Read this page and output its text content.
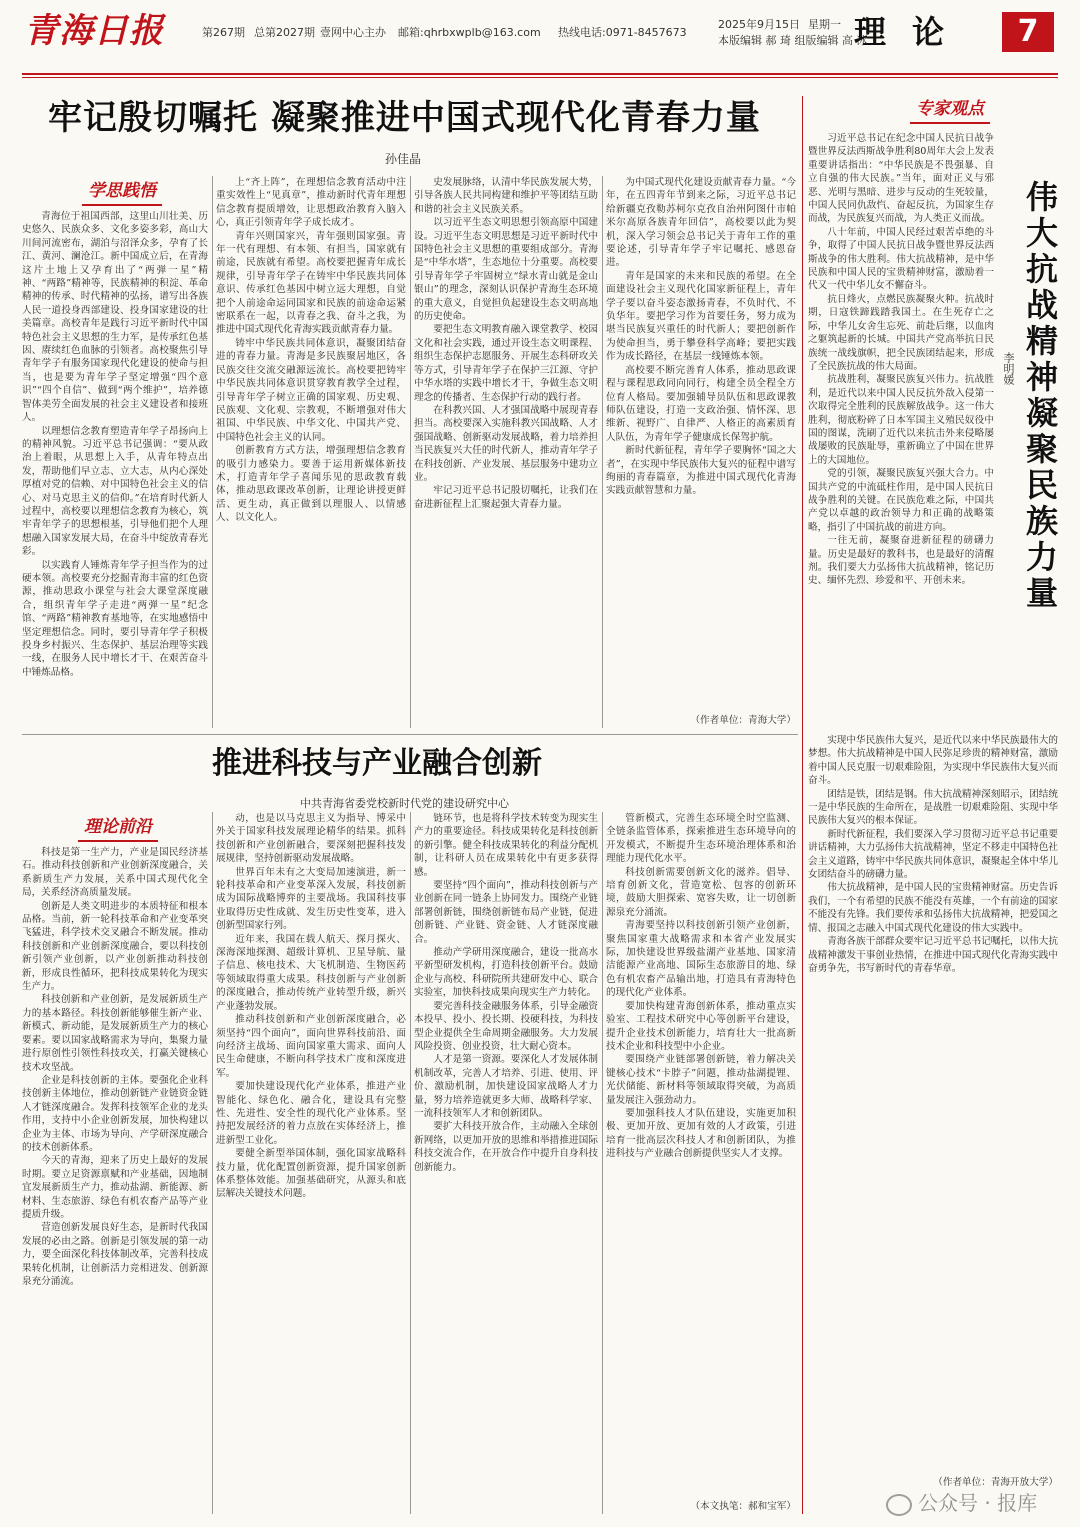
青海日报	第267期 总第2027期 壹网中心主办 邮箱:qhrbxwplb@163.com 热线电话:0971-8457673
2025年9月15日 星期一
本版编辑 郝 琦 组版编辑 高 冰
理论	7
牢记殷切嘱托 凝聚推进中国式现代化青春力量
孙佳晶
学思践悟

青海位于祖国西部，这里山川壮美、历史悠久、民族众多、文化多姿多彩，高山大川间河流密布，湖泊与沼泽众多，孕育了长江、黄河、澜沧江。新中国成立后，在青海这片土地上又孕育出了“两弹一星”精神、“两路”精神等，民族精神的积淀、革命精神的传承、时代精神的弘扬，谱写出各族人民一道投身西部建设、投身国家建设的壮美篇章。高校青年是践行习近平新时代中国特色社会主义思想的生力军，是传承红色基因、赓续红色血脉的引领者。高校聚焦引导青年学子有服务国家现代化建设的使命与担当，也是要为青年学子坚定增强“四个意识”“四个自信”、做到“两个维护”，培养德智体美劳全面发展的社会主义建设者和接班人。

以理想信念教育塑造青年学子昂扬向上的精神风貌。习近平总书记强调：“要从政治上着眼，从思想上入手，从青年特点出发，帮助他们早立志、立大志，从内心深处厚植对党的信赖、对中国特色社会主义的信心、对马克思主义的信仰。”在培育时代新人过程中，高校要以理想信念教育为核心，筑牢青年学子的思想根基，引导他们把个人理想融入国家发展大局，在奋斗中绽放青春光彩。

以实践育人锤炼青年学子担当作为的过硬本领。高校要充分挖掘青海丰富的红色资源，推动思政小课堂与社会大课堂深度融合，组织青年学子走进“两弹一星”纪念馆、“两路”精神教育基地等，在实地感悟中坚定理想信念。同时，要引导青年学子积极投身乡村振兴、生态保护、基层治理等实践一线，在服务人民中增长才干、在艰苦奋斗中锤炼品格。

上“齐上阵”，在理想信念教育活动中注重实效性上“见真章”，推动新时代青年理想信念教育提质增效，让思想政治教育入脑入心，真正引领青年学子成长成才。

青年兴则国家兴，青年强则国家强。青年一代有理想、有本领、有担当，国家就有前途，民族就有希望。高校要把握青年成长规律，引导青年学子在铸牢中华民族共同体意识、传承红色基因中树立远大理想，自觉把个人前途命运同国家和民族的前途命运紧密联系在一起，以青春之我、奋斗之我，为推进中国式现代化青海实践贡献青春力量。

铸牢中华民族共同体意识，凝聚团结奋进的青春力量。青海是多民族聚居地区，各民族交往交流交融源远流长。高校要把铸牢中华民族共同体意识贯穿教育教学全过程，引导青年学子树立正确的国家观、历史观、民族观、文化观、宗教观，不断增强对伟大祖国、中华民族、中华文化、中国共产党、中国特色社会主义的认同。

创新教育方式方法，增强理想信念教育的吸引力感染力。要善于运用新媒体新技术，打造青年学子喜闻乐见的思政教育载体，推动思政课改革创新，让理论讲授更鲜活、更生动，真正做到以理服人、以情感人、以文化人。

史发展脉络，认清中华民族发展大势，引导各族人民共同构建和维护平等团结互助和谐的社会主义民族关系。

以习近平生态文明思想引领高原中国建设。习近平生态文明思想是习近平新时代中国特色社会主义思想的重要组成部分。青海是“中华水塔”，生态地位十分重要。高校要引导青年学子牢固树立“绿水青山就是金山银山”的理念，深刻认识保护青海生态环境的重大意义，自觉担负起建设生态文明高地的历史使命。

要把生态文明教育融入课堂教学、校园文化和社会实践，通过开设生态文明课程、组织生态保护志愿服务、开展生态科研攻关等方式，引导青年学子在保护三江源、守护中华水塔的实践中增长才干，争做生态文明理念的传播者、生态保护行动的践行者。

在科教兴国、人才强国战略中展现青春担当。高校要深入实施科教兴国战略、人才强国战略、创新驱动发展战略，着力培养担当民族复兴大任的时代新人，推动青年学子在科技创新、产业发展、基层服务中建功立业。

牢记习近平总书记殷切嘱托，让我们在奋进新征程上汇聚起强大青春力量。

为中国式现代化建设贡献青春力量。“今年，在五四青年节到来之际，习近平总书记给新疆克孜勒苏柯尔克孜自治州阿图什市帕米尔高原各族青年回信”，高校要以此为契机，深入学习领会总书记关于青年工作的重要论述，引导青年学子牢记嘱托、感恩奋进。

青年是国家的未来和民族的希望。在全面建设社会主义现代化国家新征程上，青年学子要以奋斗姿态激扬青春，不负时代、不负华年。要把学习作为首要任务，努力成为堪当民族复兴重任的时代新人；要把创新作为使命担当，勇于攀登科学高峰；要把实践作为成长路径，在基层一线锤炼本领。

高校要不断完善育人体系，推动思政课程与课程思政同向同行，构建全员全程全方位育人格局。要加强辅导员队伍和思政课教师队伍建设，打造一支政治强、情怀深、思维新、视野广、自律严、人格正的高素质育人队伍，为青年学子健康成长保驾护航。

新时代新征程，青年学子要胸怀“国之大者”，在实现中华民族伟大复兴的征程中谱写绚丽的青春篇章，为推进中国式现代化青海实践贡献智慧和力量。

（作者单位：青海大学）
推进科技与产业融合创新
中共青海省委党校新时代党的建设研究中心
理论前沿

科技是第一生产力，产业是国民经济基石。推动科技创新和产业创新深度融合，关系新质生产力发展，关系中国式现代化全局，关系经济高质量发展。

创新是人类文明进步的本质特征和根本品格。当前，新一轮科技革命和产业变革突飞猛进，科学技术交叉融合不断发展。推动科技创新和产业创新深度融合，要以科技创新引领产业创新，以产业创新推动科技创新，形成良性循环，把科技成果转化为现实生产力。

科技创新和产业创新，是发展新质生产力的基本路径。科技创新能够催生新产业、新模式、新动能，是发展新质生产力的核心要素。要以国家战略需求为导向，集聚力量进行原创性引领性科技攻关，打赢关键核心技术攻坚战。

企业是科技创新的主体。要强化企业科技创新主体地位，推动创新链产业链资金链人才链深度融合。发挥科技领军企业的龙头作用，支持中小企业创新发展，加快构建以企业为主体、市场为导向、产学研深度融合的技术创新体系。

今天的青海，迎来了历史上最好的发展时期。要立足资源禀赋和产业基础，因地制宜发展新质生产力，推动盐湖、新能源、新材料、生态旅游、绿色有机农畜产品等产业提质升级。

营造创新发展良好生态，是新时代我国发展的必由之路。创新是引领发展的第一动力，要全面深化科技体制改革，完善科技成果转化机制，让创新活力竞相迸发、创新源泉充分涌流。

动，也是以马克思主义为指导、博采中外关于国家科技发展理论精华的结果。抓科技创新和产业创新融合，要深刻把握科技发展规律，坚持创新驱动发展战略。

世界百年未有之大变局加速演进，新一轮科技革命和产业变革深入发展，科技创新成为国际战略博弈的主要战场。我国科技事业取得历史性成就、发生历史性变革，进入创新型国家行列。

近年来，我国在载人航天、探月探火、深海深地探测、超级计算机、卫星导航、量子信息、核电技术、大飞机制造、生物医药等领域取得重大成果。科技创新与产业创新的深度融合，推动传统产业转型升级，新兴产业蓬勃发展。

推动科技创新和产业创新深度融合，必须坚持“四个面向”，面向世界科技前沿、面向经济主战场、面向国家重大需求、面向人民生命健康，不断向科学技术广度和深度进军。

要加快建设现代化产业体系，推进产业智能化、绿色化、融合化，建设具有完整性、先进性、安全性的现代化产业体系。坚持把发展经济的着力点放在实体经济上，推进新型工业化。

要健全新型举国体制，强化国家战略科技力量，优化配置创新资源，提升国家创新体系整体效能。加强基础研究，从源头和底层解决关键技术问题。

链环节，也是将科学技术转变为现实生产力的重要途径。科技成果转化是科技创新的新引擎。健全科技成果转化的利益分配机制，让科研人员在成果转化中有更多获得感。

要坚持“四个面向”，推动科技创新与产业创新在同一链条上协同发力。围绕产业链部署创新链，围绕创新链布局产业链，促进创新链、产业链、资金链、人才链深度融合。

推动产学研用深度融合，建设一批高水平新型研发机构，打造科技创新平台。鼓励企业与高校、科研院所共建研发中心、联合实验室，加快科技成果向现实生产力转化。

要完善科技金融服务体系，引导金融资本投早、投小、投长期、投硬科技，为科技型企业提供全生命周期金融服务。大力发展风险投资、创业投资，壮大耐心资本。

人才是第一资源。要深化人才发展体制机制改革，完善人才培养、引进、使用、评价、激励机制，加快建设国家战略人才力量，努力培养造就更多大师、战略科学家、一流科技领军人才和创新团队。

要扩大科技开放合作，主动融入全球创新网络，以更加开放的思维和举措推进国际科技交流合作，在开放合作中提升自身科技创新能力。

管新模式，完善生态环境全时空监测、全链条监管体系，探索推进生态环境导向的开发模式，不断提升生态环境治理体系和治理能力现代化水平。

科技创新需要创新文化的滋养。倡导、培育创新文化，营造宽松、包容的创新环境，鼓励大胆探索、宽容失败，让一切创新源泉充分涌流。

青海要坚持以科技创新引领产业创新，聚焦国家重大战略需求和本省产业发展实际，加快建设世界级盐湖产业基地、国家清洁能源产业高地、国际生态旅游目的地、绿色有机农畜产品输出地，打造具有青海特色的现代化产业体系。

要加快构建青海创新体系，推动重点实验室、工程技术研究中心等创新平台建设，提升企业技术创新能力，培育壮大一批高新技术企业和科技型中小企业。

要围绕产业链部署创新链，着力解决关键核心技术“卡脖子”问题，推动盐湖提锂、光伏储能、新材料等领域取得突破，为高质量发展注入强劲动力。

要加强科技人才队伍建设，实施更加积极、更加开放、更加有效的人才政策，引进培育一批高层次科技人才和创新团队，为推进科技与产业融合创新提供坚实人才支撑。

（本文执笔：郝和宝军）
专家观点
伟大抗战精神凝聚民族力量
李明媛

习近平总书记在纪念中国人民抗日战争暨世界反法西斯战争胜利80周年大会上发表重要讲话指出：“中华民族是不畏强暴、自立自强的伟大民族。”当年，面对正义与邪恶、光明与黑暗、进步与反动的生死较量，中国人民同仇敌忾、奋起反抗，为国家生存而战，为民族复兴而战，为人类正义而战。

八十年前，中国人民经过艰苦卓绝的斗争，取得了中国人民抗日战争暨世界反法西斯战争的伟大胜利。伟大抗战精神，是中华民族和中国人民的宝贵精神财富，激励着一代又一代中华儿女不懈奋斗。

抗日烽火，点燃民族凝聚火种。抗战时期，日寇铁蹄践踏我国土。在生死存亡之际，中华儿女舍生忘死、前赴后继，以血肉之躯筑起新的长城。中国共产党高举抗日民族统一战线旗帜，把全民族团结起来，形成了全民族抗战的伟大局面。

抗战胜利，凝聚民族复兴伟力。抗战胜利，是近代以来中国人民反抗外敌入侵第一次取得完全胜利的民族解放战争。这一伟大胜利，彻底粉碎了日本军国主义殖民奴役中国的图谋，洗刷了近代以来抗击外来侵略屡战屡败的民族耻辱，重新确立了中国在世界上的大国地位。

党的引领，凝聚民族复兴强大合力。中国共产党的中流砥柱作用，是中国人民抗日战争胜利的关键。在民族危难之际，中国共产党以卓越的政治领导力和正确的战略策略，指引了中国抗战的前进方向。

一往无前，凝聚奋进新征程的磅礴力量。历史是最好的教科书，也是最好的清醒剂。我们要大力弘扬伟大抗战精神，铭记历史、缅怀先烈、珍爱和平、开创未来。

实现中华民族伟大复兴，是近代以来中华民族最伟大的梦想。伟大抗战精神是中国人民弥足珍贵的精神财富，激励着中国人民克服一切艰难险阻，为实现中华民族伟大复兴而奋斗。

团结是铁，团结是钢。伟大抗战精神深刻昭示，团结统一是中华民族的生命所在，是战胜一切艰难险阻、实现中华民族伟大复兴的根本保证。

新时代新征程，我们要深入学习贯彻习近平总书记重要讲话精神，大力弘扬伟大抗战精神，坚定不移走中国特色社会主义道路，铸牢中华民族共同体意识，凝聚起全体中华儿女团结奋斗的磅礴力量。

伟大抗战精神，是中国人民的宝贵精神财富。历史告诉我们，一个有希望的民族不能没有英雄，一个有前途的国家不能没有先锋。我们要传承和弘扬伟大抗战精神，把爱国之情、报国之志融入中国式现代化建设的伟大实践中。

青海各族干部群众要牢记习近平总书记嘱托，以伟大抗战精神激发干事创业热情，在推进中国式现代化青海实践中奋勇争先，书写新时代的青春华章。

（作者单位：青海开放大学）
公众号 · 报库
